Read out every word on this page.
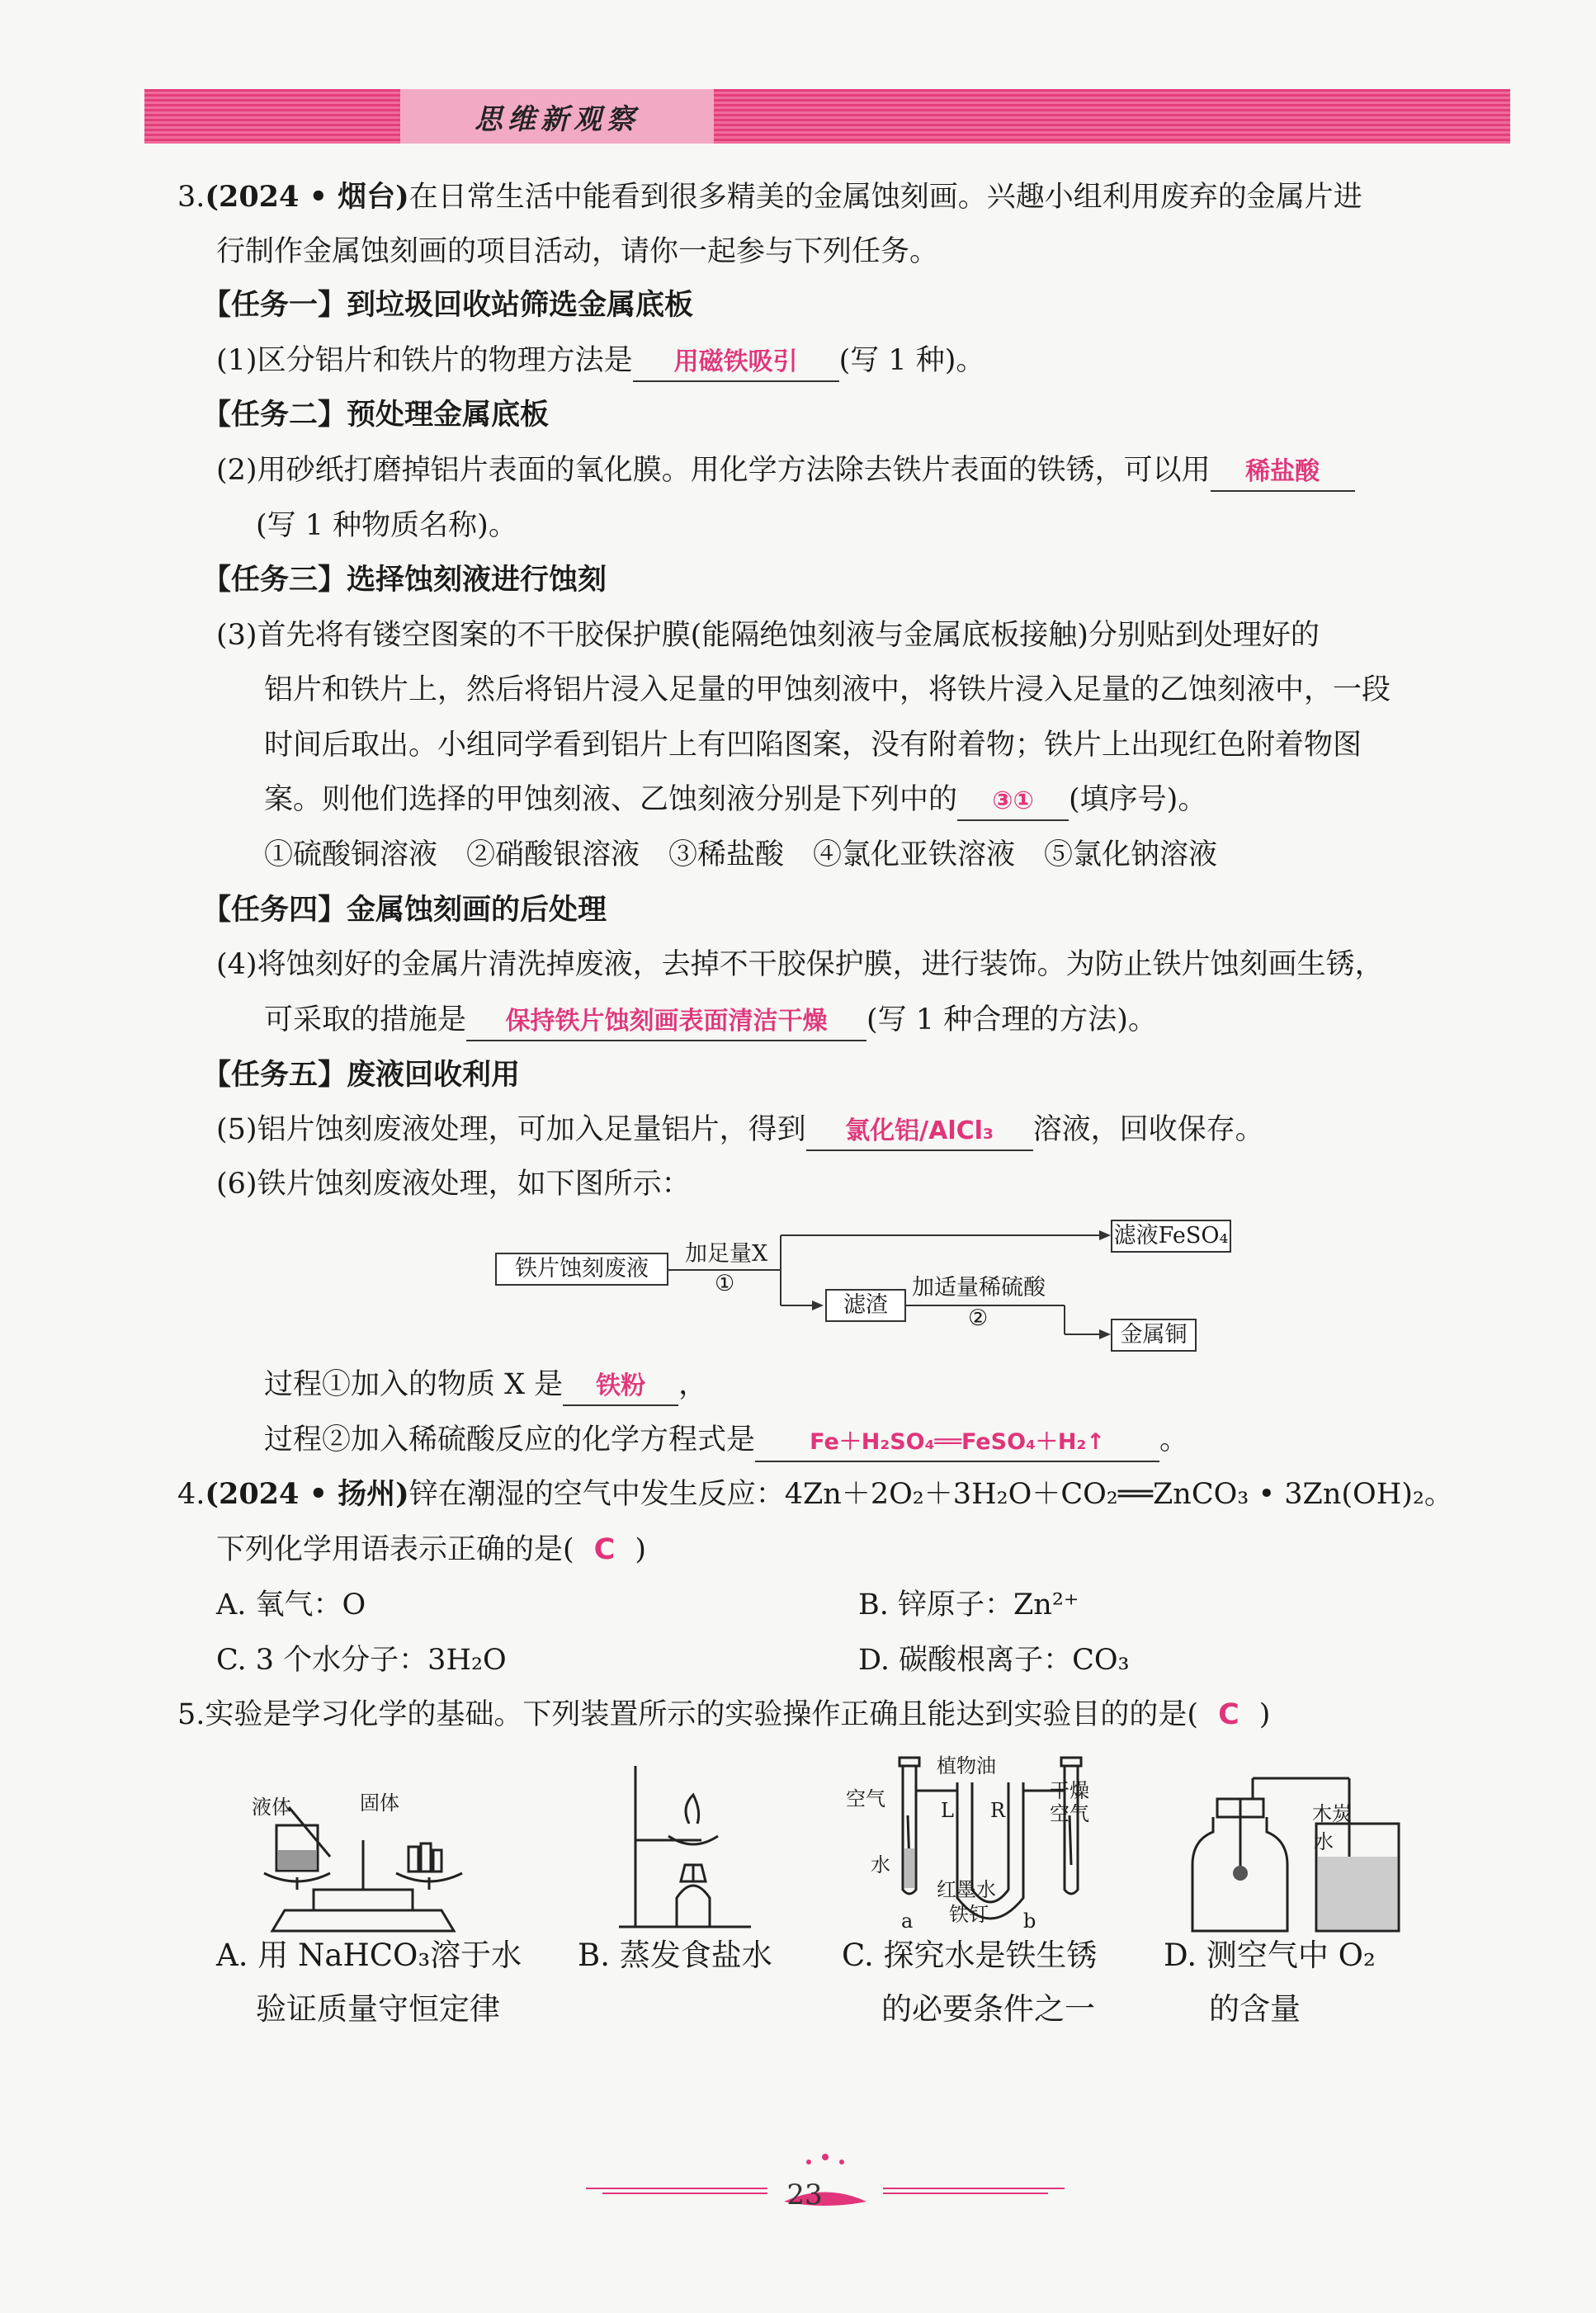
思维新观察
3.(2024 • 烟台)在日常生活中能看到很多精美的金属蚀刻画。兴趣小组利用废弃的金属片进
行制作金属蚀刻画的项目活动，请你一起参与下列任务。
【任务一】到垃圾回收站筛选金属底板
(1)区分铝片和铁片的物理方法是 用磁铁吸引 (写 1 种)。
【任务二】预处理金属底板
(2)用砂纸打磨掉铝片表面的氧化膜。用化学方法除去铁片表面的铁锈，可以用 稀盐酸
(写 1 种物质名称)。
【任务三】选择蚀刻液进行蚀刻
(3)首先将有镂空图案的不干胶保护膜(能隔绝蚀刻液与金属底板接触)分别贴到处理好的
铝片和铁片上，然后将铝片浸入足量的甲蚀刻液中，将铁片浸入足量的乙蚀刻液中，一段
时间后取出。小组同学看到铝片上有凹陷图案，没有附着物；铁片上出现红色附着物图
案。则他们选择的甲蚀刻液、乙蚀刻液分别是下列中的 ③① (填序号)。
①硫酸铜溶液　②硝酸银溶液　③稀盐酸　④氯化亚铁溶液　⑤氯化钠溶液
【任务四】金属蚀刻画的后处理
(4)将蚀刻好的金属片清洗掉废液，去掉不干胶保护膜，进行装饰。为防止铁片蚀刻画生锈，
可采取的措施是 保持铁片蚀刻画表面清洁干燥 (写 1 种合理的方法)。
【任务五】废液回收利用
(5)铝片蚀刻废液处理，可加入足量铝片，得到 氯化铝/AlCl₃ 溶液，回收保存。
(6)铁片蚀刻废液处理，如下图所示：
铁片蚀刻废液
加足量X
①
滤渣
加适量稀硫酸
②
滤液FeSO₄
金属铜
过程①加入的物质 X 是 铁粉 ，
过程②加入稀硫酸反应的化学方程式是 Fe＋H₂SO₄══FeSO₄＋H₂↑ 。
4.(2024 • 扬州)锌在潮湿的空气中发生反应：4Zn＋2O₂＋3H₂O＋CO₂══ZnCO₃ • 3Zn(OH)₂。
下列化学用语表示正确的是( C )
A. 氧气：O	B. 锌原子：Zn²⁺
C. 3 个水分子：3H₂O	D. 碳酸根离子：CO₃
5.实验是学习化学的基础。下列装置所示的实验操作正确且能达到实验目的的是( C )
液体	固体
A. 用 NaHCO₃溶于水
验证质量守恒定律
B. 蒸发食盐水
植物油
空气	干燥
空气
L R
水
红墨水
铁钉
a	b
C. 探究水是铁生锈
的必要条件之一
木炭
水
D. 测空气中 O₂
的含量
23
